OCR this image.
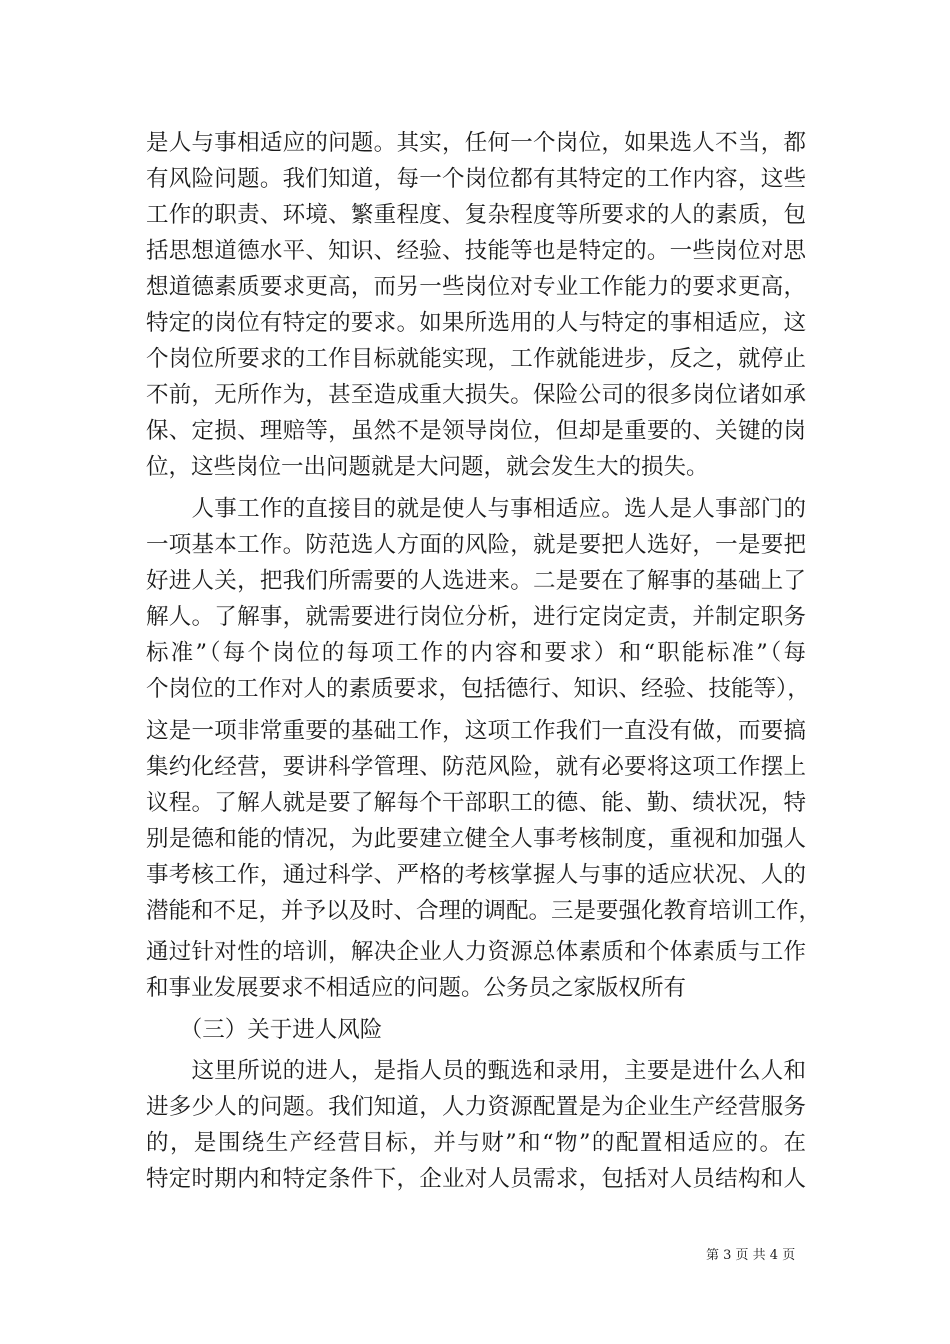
是人与事相适应的问题。其实，任何一个岗位，如果选人不当，都
有风险问题。我们知道，每一个岗位都有其特定的工作内容，这些
工作的职责、环境、繁重程度、复杂程度等所要求的人的素质，包
括思想道德水平、知识、经验、技能等也是特定的。一些岗位对思
想道德素质要求更高，而另一些岗位对专业工作能力的要求更高，
特定的岗位有特定的要求。如果所选用的人与特定的事相适应，这
个岗位所要求的工作目标就能实现，工作就能进步，反之，就停止
不前，无所作为，甚至造成重大损失。保险公司的很多岗位诸如承
保、定损、理赔等，虽然不是领导岗位，但却是重要的、关键的岗
位，这些岗位一出问题就是大问题，就会发生大的损失。
　　人事工作的直接目的就是使人与事相适应。选人是人事部门的
一项基本工作。防范选人方面的风险，就是要把人选好，一是要把
好进人关，把我们所需要的人选进来。二是要在了解事的基础上了
解人。了解事，就需要进行岗位分析，进行定岗定责，并制定职务
标准”（每个岗位的每项工作的内容和要求）和“职能标准”（每
个岗位的工作对人的素质要求，包括德行、知识、经验、技能等），
这是一项非常重要的基础工作，这项工作我们一直没有做，而要搞
集约化经营，要讲科学管理、防范风险，就有必要将这项工作摆上
议程。了解人就是要了解每个干部职工的德、能、勤、绩状况，特
别是德和能的情况，为此要建立健全人事考核制度，重视和加强人
事考核工作，通过科学、严格的考核掌握人与事的适应状况、人的
潜能和不足，并予以及时、合理的调配。三是要强化教育培训工作，
通过针对性的培训，解决企业人力资源总体素质和个体素质与工作
和事业发展要求不相适应的问题。公务员之家版权所有
　　（三）关于进人风险
　　这里所说的进人，是指人员的甄选和录用，主要是进什么人和
进多少人的问题。我们知道，人力资源配置是为企业生产经营服务
的，是围绕生产经营目标，并与财”和“物”的配置相适应的。在
特定时期内和特定条件下，企业对人员需求，包括对人员结构和人
第 3 页 共 4 页
